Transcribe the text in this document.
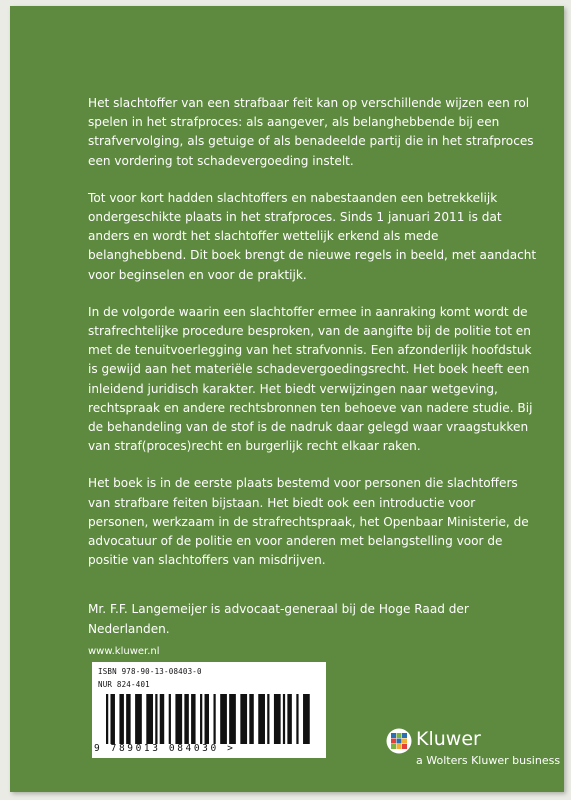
Het slachtoffer van een strafbaar feit kan op verschillende wijzen een rol spelen in het strafproces: als aangever, als belanghebbende bij een strafvervolging, als getuige of als benadeelde partij die in het strafproces een vordering tot schadevergoeding instelt.

Tot voor kort hadden slachtoffers en nabestaanden een betrekkelijk ondergeschikte plaats in het strafproces. Sinds 1 januari 2011 is dat anders en wordt het slachtoffer wettelijk erkend als mede belanghebbend. Dit boek brengt de nieuwe regels in beeld, met aandacht voor beginselen en voor de praktijk.

In de volgorde waarin een slachtoffer ermee in aanraking komt wordt de strafrechtelijke procedure besproken, van de aangifte bij de politie tot en met de tenuitvoerlegging van het strafvonnis. Een afzonderlijk hoofdstuk is gewijd aan het materiële schadevergoedingsrecht. Het boek heeft een inleidend juridisch karakter. Het biedt verwijzingen naar wetgeving, rechtspraak en andere rechtsbronnen ten behoeve van nadere studie. Bij de behandeling van de stof is de nadruk daar gelegd waar vraagstukken van straf(proces)recht en burgerlijk recht elkaar raken.

Het boek is in de eerste plaats bestemd voor personen die slachtoffers van strafbare feiten bijstaan. Het biedt ook een introductie voor personen, werkzaam in de strafrechtspraak, het Openbaar Ministerie, de advocatuur of de politie en voor anderen met belangstelling voor de positie van slachtoffers van misdrijven.

Mr. F.F. Langemeijer is advocaat-generaal bij de Hoge Raad der Nederlanden.

www.kluwer.nl
ISBN 978-90-13-08403-0
NUR 824-401
9 789013 084030 >	Kluwer
a Wolters Kluwer business
